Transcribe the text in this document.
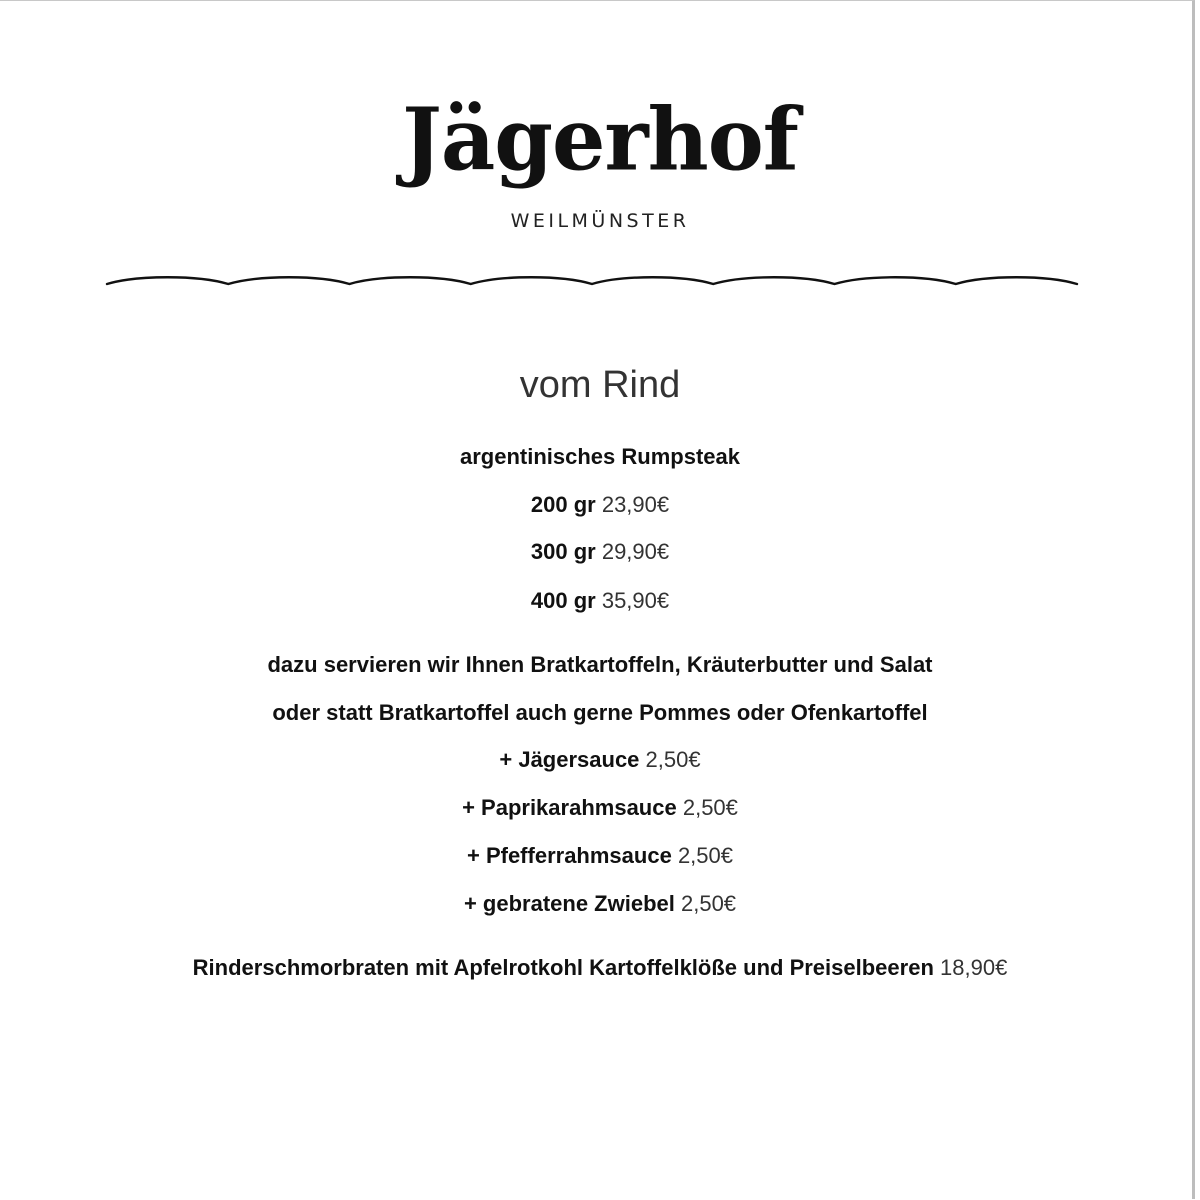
Jägerhof
WEILMÜNSTER
vom Rind
argentinisches Rumpsteak
200 gr 23,90€
300 gr 29,90€
400 gr 35,90€
dazu servieren wir Ihnen Bratkartoffeln, Kräuterbutter und Salat
oder statt Bratkartoffel auch gerne Pommes oder Ofenkartoffel
+ Jägersauce 2,50€
+ Paprikarahmsauce 2,50€
+ Pfefferrahmsauce 2,50€
+ gebratene Zwiebel 2,50€
Rinderschmorbraten mit Apfelrotkohl Kartoffelklöße und Preiselbeeren 18,90€
